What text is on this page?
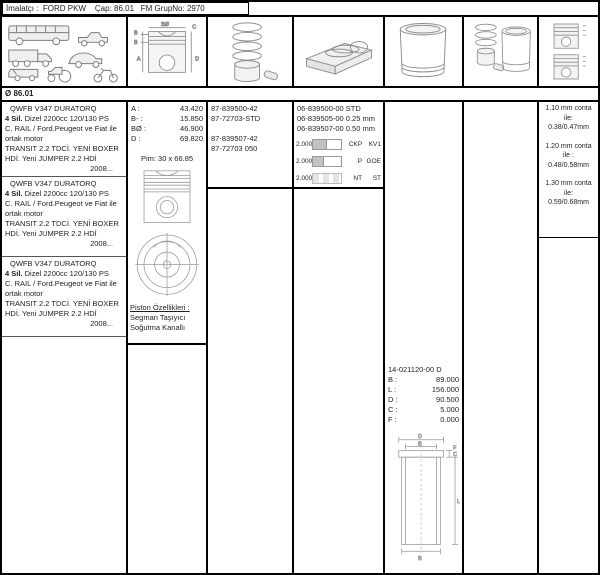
İmalatçı :  FORD PKW    Çap: 86.01   FM GrupNo: 2970
B
B
BØ	C
A	D
Ø 86.01
QWFB V347 DURATORQ
4 Sil. Dizel 2200cc 120/130 PS
C. RAIL / Ford.Peugeot ve Fiat ile
ortak motor
TRANSIT 2.2 TDCİ. YENİ BOXER
HDİ. Yeni JUMPER 2.2 HDİ
2008...
QWFB V347 DURATORQ
4 Sil. Dizel 2200cc 120/130 PS
C. RAIL / Ford.Peugeot ve Fiat ile
ortak motor
TRANSIT 2.2 TDCİ. YENİ BOXER
HDİ. Yeni JUMPER 2.2 HDİ
2008...
QWFB V347 DURATORQ
4 Sil. Dizel 2200cc 120/130 PS
C. RAIL / Ford.Peugeot ve Fiat ile
ortak motor
TRANSIT 2.2 TDCİ. YENİ BOXER
HDİ. Yeni JUMPER 2.2 HDİ
2008...
A :	43.420
B- :	15.850
BØ :	46.900
D :	69.820
Pim: 30 x 66.85
Piston Özellikleri :
Segman Taşıyıcı
Soğutma Kanallı
87-839500-42
87-72703-STD
87-839507-42
87-72703 050
06-839500-00 STD
06-839505-00 0.25 mm
06-839507-00 0.50 mm
2.000	CKP	KV1
2.000	P GOE
2.000	NT	ST
14-021120-00 D
B :	89.000
L :	156.000
D :	90.500
C :	5.000
F :	0.000
D
B
F
C
L
B
1.10 mm conta
ile:
0.38/0.47mm
1.20 mm conta
ile :
0.48/0.58mm
1.30 mm conta
ile:
0.59/0.68mm
